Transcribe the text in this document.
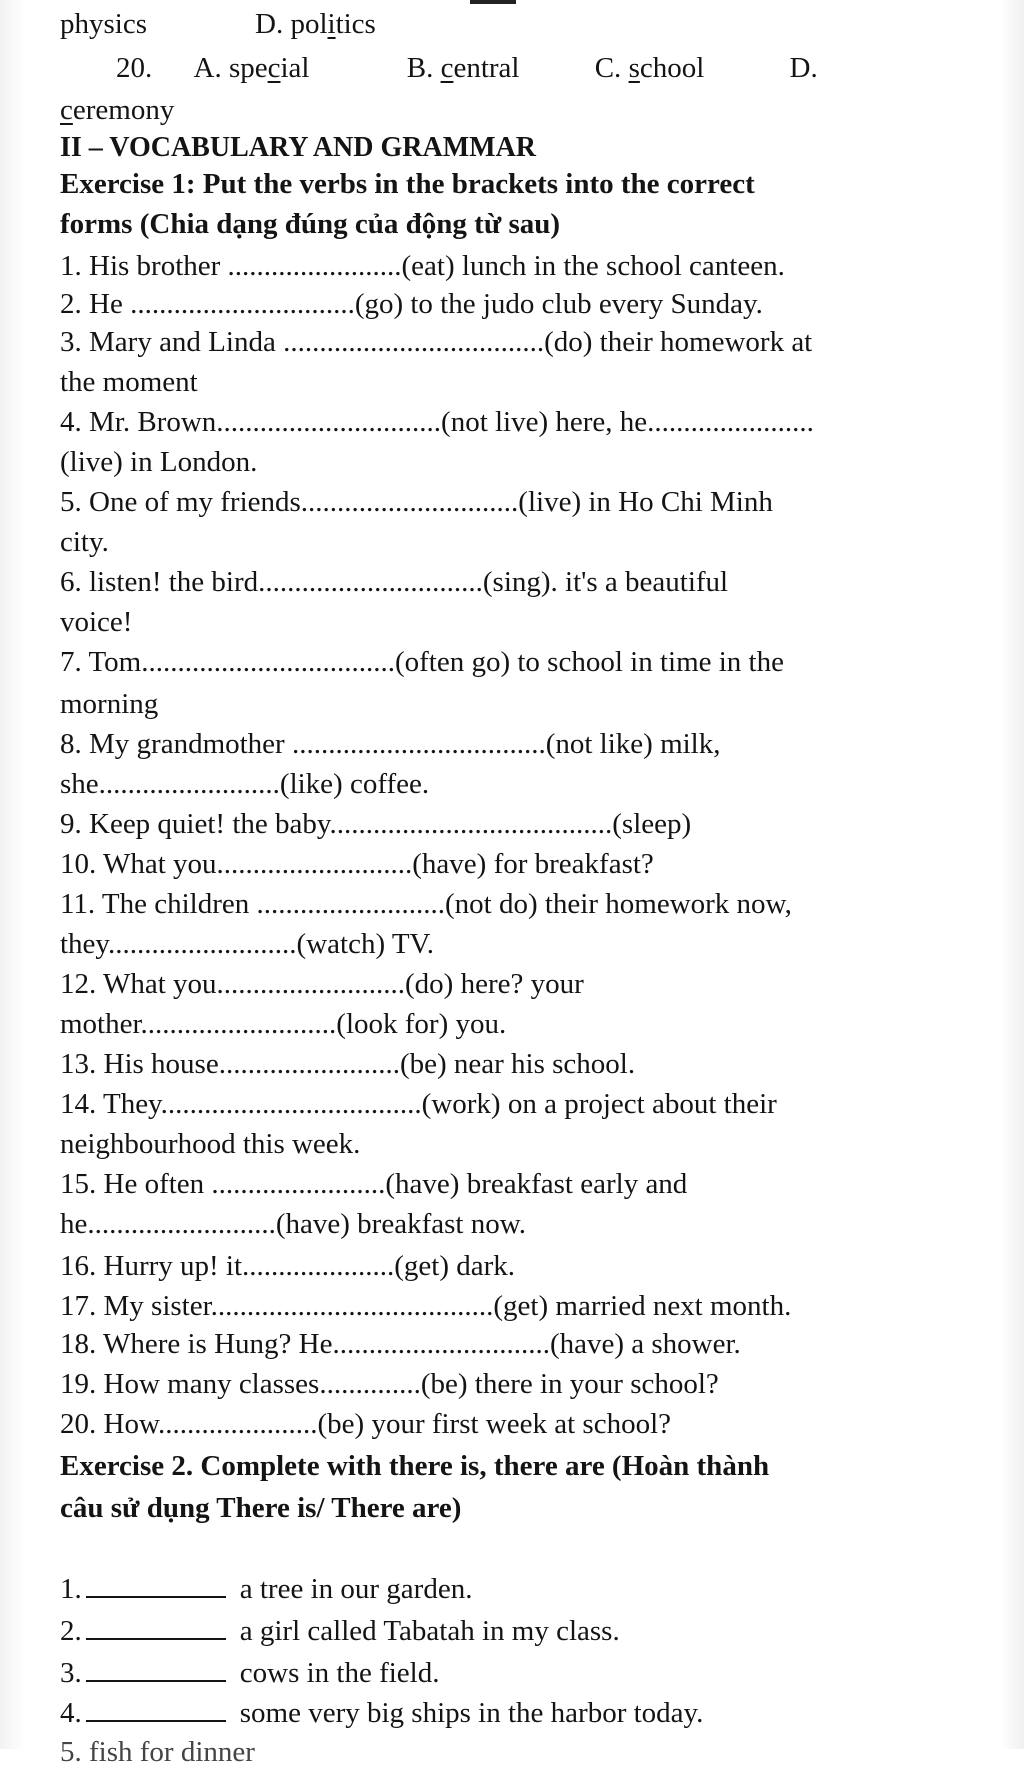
physics	D. politics
20. A. special	B. central	C. school	D.
ceremony
II – VOCABULARY AND GRAMMAR
Exercise 1: Put the verbs in the brackets into the correct
forms (Chia dạng đúng của động từ sau)
1. His brother ........................(eat) lunch in the school canteen.
2. He ...............................(go) to the judo club every Sunday.
3. Mary and Linda ....................................(do) their homework at
the moment
4. Mr. Brown...............................(not live) here, he.......................
(live) in London.
5. One of my friends..............................(live) in Ho Chi Minh
city.
6. listen! the bird...............................(sing). it's a beautiful
voice!
7. Tom...................................(often go) to school in time in the
morning
8. My grandmother ...................................(not like) milk,
she.........................(like) coffee.
9. Keep quiet! the baby.......................................(sleep)
10. What you...........................(have) for breakfast?
11. The children ..........................(not do) their homework now,
they..........................(watch) TV.
12. What you..........................(do) here? your
mother...........................(look for) you.
13. His house.........................(be) near his school.
14. They....................................(work) on a project about their
neighbourhood this week.
15. He often ........................(have) breakfast early and
he..........................(have) breakfast now.
16. Hurry up! it.....................(get) dark.
17. My sister.......................................(get) married next month.
18. Where is Hung? He..............................(have) a shower.
19. How many classes..............(be) there in your school?
20. How......................(be) your first week at school?
Exercise 2. Complete with there is, there are (Hoàn thành
câu sử dụng There is/ There are)
1.	a tree in our garden.
2.	a girl called Tabatah in my class.
3.	cows in the field.
4.	some very big ships in the harbor today.
5. fish for dinner
